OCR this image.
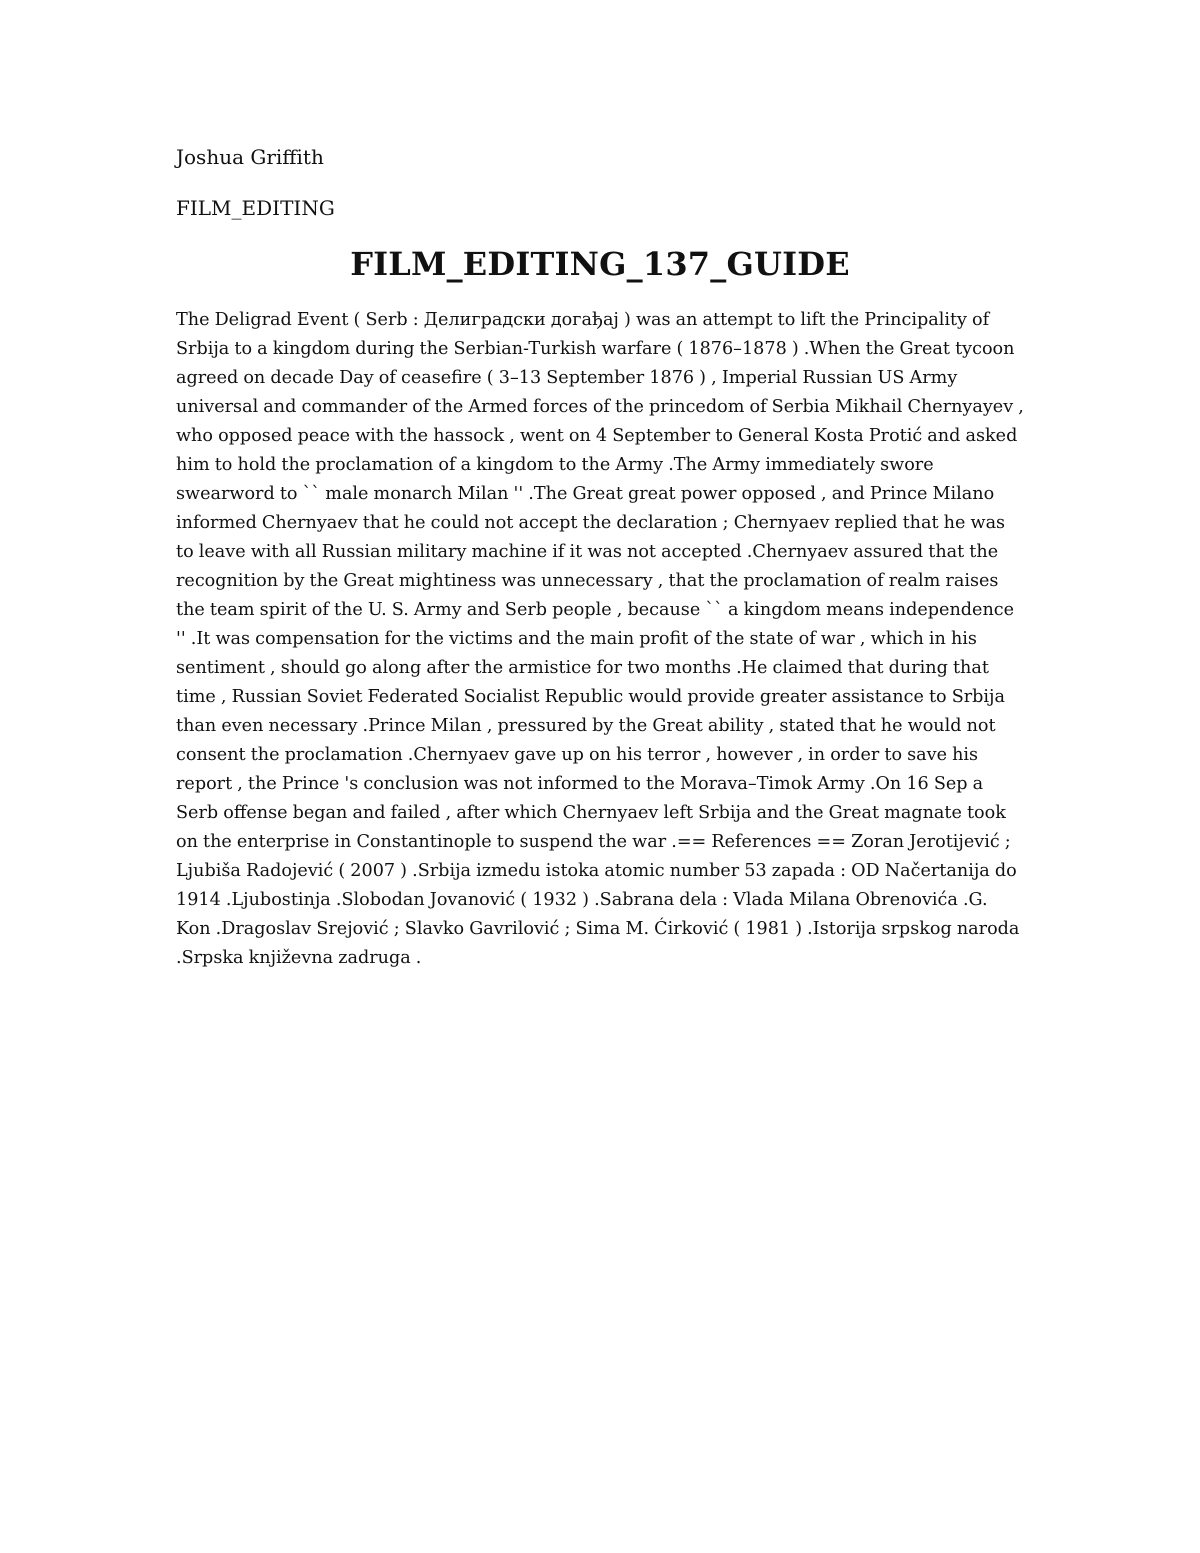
Joshua Griffith

FILM_EDITING

FILM_EDITING_137_GUIDE

The Deligrad Event ( Serb : Делиградски догађај ) was an attempt to lift the Principality of Srbija to a kingdom during the Serbian-Turkish warfare ( 1876–1878 ) .When the Great tycoon agreed on decade Day of ceasefire ( 3–13 September 1876 ) , Imperial Russian US Army universal and commander of the Armed forces of the princedom of Serbia Mikhail Chernyayev , who opposed peace with the hassock , went on 4 September to General Kosta Protić and asked him to hold the proclamation of a kingdom to the Army .The Army immediately swore swearword to `` male monarch Milan '' .The Great great power opposed , and Prince Milano informed Chernyaev that he could not accept the declaration ; Chernyaev replied that he was to leave with all Russian military machine if it was not accepted .Chernyaev assured that the recognition by the Great mightiness was unnecessary , that the proclamation of realm raises the team spirit of the U. S. Army and Serb people , because `` a kingdom means independence '' .It was compensation for the victims and the main profit of the state of war , which in his sentiment , should go along after the armistice for two months .He claimed that during that time , Russian Soviet Federated Socialist Republic would provide greater assistance to Srbija than even necessary .Prince Milan , pressured by the Great ability , stated that he would not consent the proclamation .Chernyaev gave up on his terror , however , in order to save his report , the Prince 's conclusion was not informed to the Morava–Timok Army .On 16 Sep a Serb offense began and failed , after which Chernyaev left Srbija and the Great magnate took on the enterprise in Constantinople to suspend the war .== References == Zoran Jerotijević ; Ljubiša Radojević ( 2007 ) .Srbija izmedu istoka atomic number 53 zapada : OD Načertanija do 1914 .Ljubostinja .Slobodan Jovanović ( 1932 ) .Sabrana dela : Vlada Milana Obrenovića .G. Kon .Dragoslav Srejović ; Slavko Gavrilović ; Sima M. Ćirković ( 1981 ) .Istorija srpskog naroda .Srpska književna zadruga .
